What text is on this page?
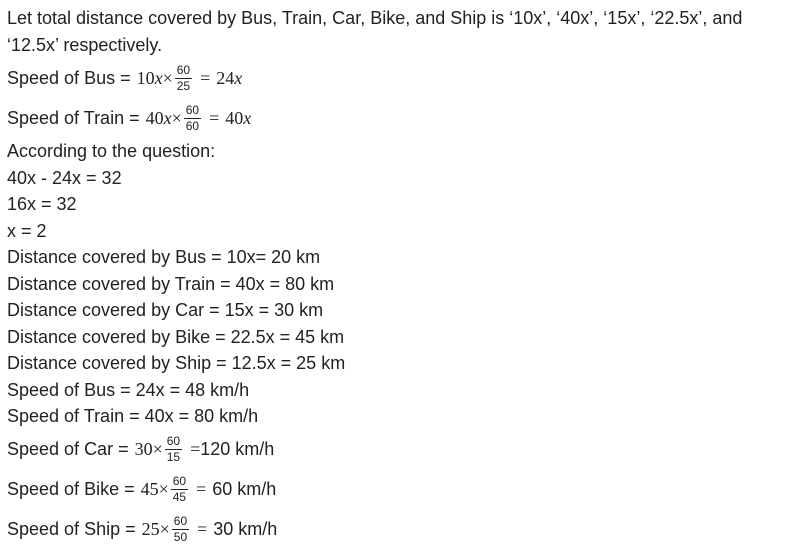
Let total distance covered by Bus, Train, Car, Bike, and Ship is ‘10x’, ‘40x’, ‘15x’, ‘22.5x’, and ‘12.5x’ respectively.
Speed of Bus = 10 $x \times \frac{60}{25} = 24$ x
Speed of Train = 40 $x \times \frac{60}{60} = 40$ x
According to the question:
40x - 24x = 32
16x = 32
x = 2
Distance covered by Bus = 10x= 20 km
Distance covered by Train = 40x = 80 km
Distance covered by Car = 15x = 30 km
Distance covered by Bike = 22.5x = 45 km
Distance covered by Ship = 12.5x = 25 km
Speed of Bus = 24x = 48 km/h
Speed of Train = 40x = 80 km/h
Speed of Car = $30 \times \frac{60}{15} = 120$ km/h
Speed of Bike = $45 \times \frac{60}{45} = 60$ km/h
Speed of Ship = $25 \times \frac{60}{50} = 30$ km/h
